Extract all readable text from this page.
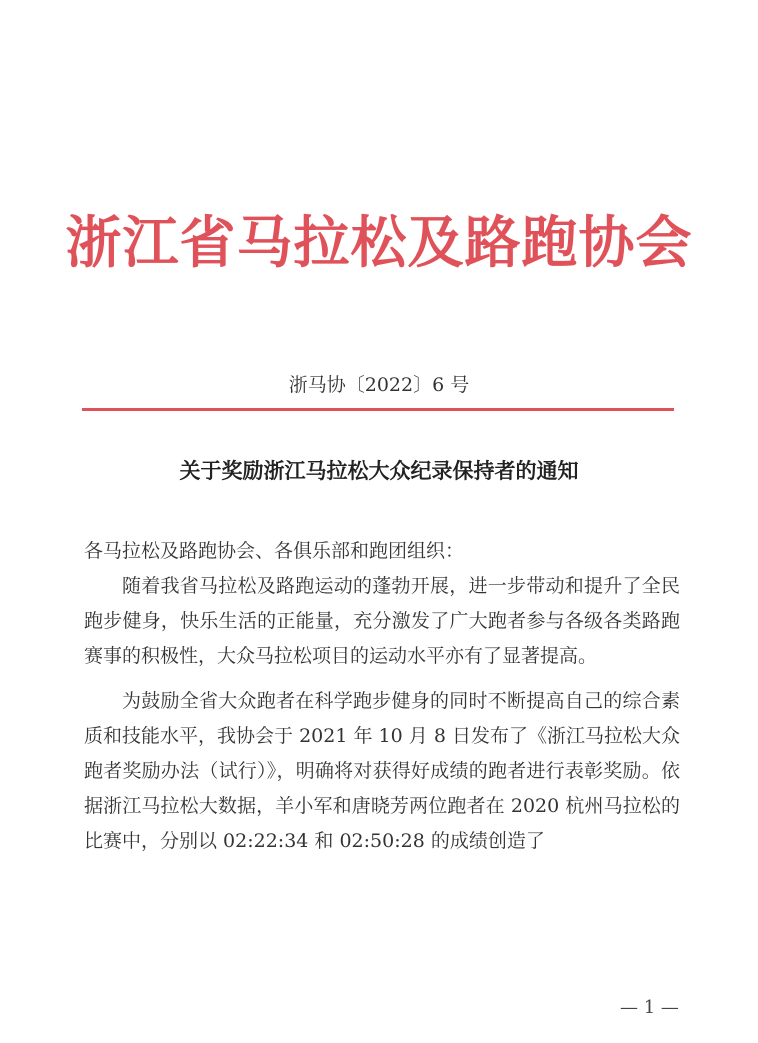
浙江省马拉松及路跑协会
浙马协〔2022〕6 号
关于奖励浙江马拉松大众纪录保持者的通知

各马拉松及路跑协会、各俱乐部和跑团组织：

随着我省马拉松及路跑运动的蓬勃开展，进一步带动和提升了全民跑步健身，快乐生活的正能量，充分激发了广大跑者参与各级各类路跑赛事的积极性，大众马拉松项目的运动水平亦有了显著提高。

为鼓励全省大众跑者在科学跑步健身的同时不断提高自己的综合素质和技能水平，我协会于 2021 年 10 月 8 日发布了《浙江马拉松大众跑者奖励办法（试行）》，明确将对获得好成绩的跑者进行表彰奖励。依据浙江马拉松大数据，羊小军和唐晓芳两位跑者在 2020 杭州马拉松的比赛中，分别以 02:22:34 和 02:50:28 的成绩创造了

— 1 —
